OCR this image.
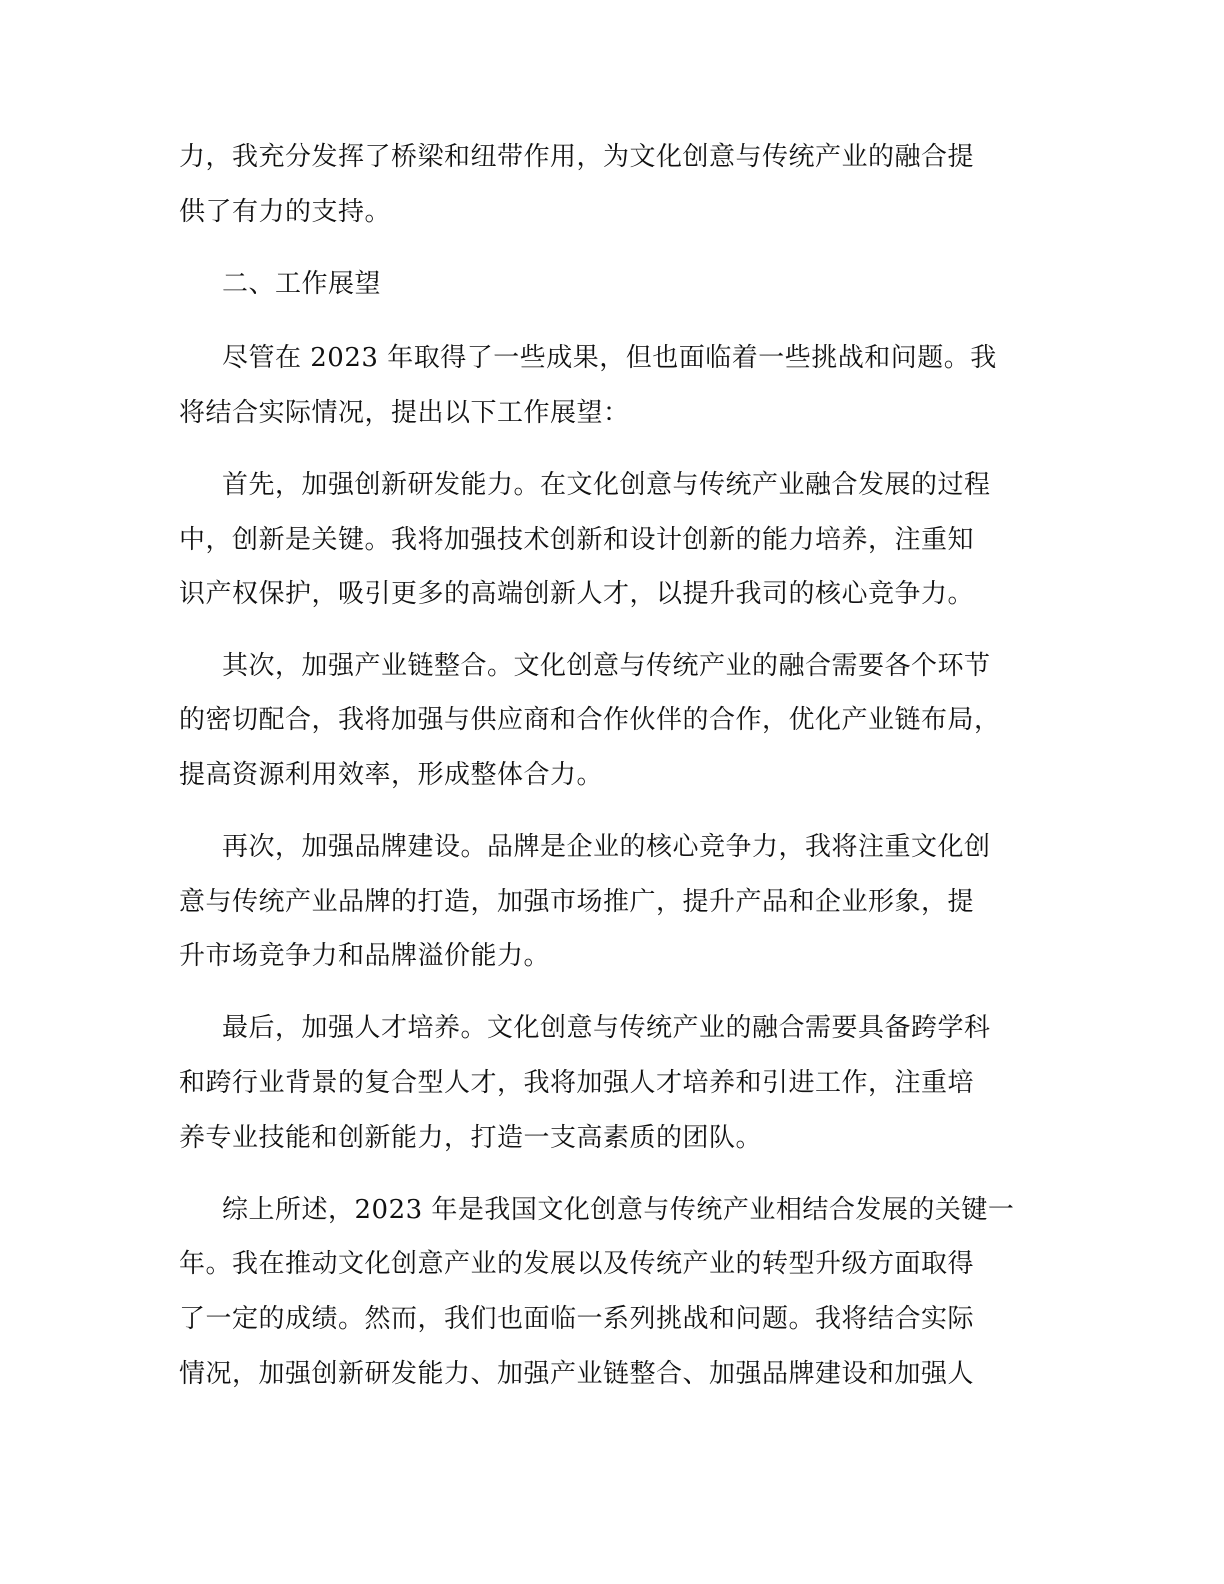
力，我充分发挥了桥梁和纽带作用，为文化创意与传统产业的融合提
供了有力的支持。
二、工作展望
尽管在 2023 年取得了一些成果，但也面临着一些挑战和问题。我
将结合实际情况，提出以下工作展望：
首先，加强创新研发能力。在文化创意与传统产业融合发展的过程
中，创新是关键。我将加强技术创新和设计创新的能力培养，注重知
识产权保护，吸引更多的高端创新人才，以提升我司的核心竞争力。
其次，加强产业链整合。文化创意与传统产业的融合需要各个环节
的密切配合，我将加强与供应商和合作伙伴的合作，优化产业链布局，
提高资源利用效率，形成整体合力。
再次，加强品牌建设。品牌是企业的核心竞争力，我将注重文化创
意与传统产业品牌的打造，加强市场推广，提升产品和企业形象，提
升市场竞争力和品牌溢价能力。
最后，加强人才培养。文化创意与传统产业的融合需要具备跨学科
和跨行业背景的复合型人才，我将加强人才培养和引进工作，注重培
养专业技能和创新能力，打造一支高素质的团队。
综上所述，2023 年是我国文化创意与传统产业相结合发展的关键一
年。我在推动文化创意产业的发展以及传统产业的转型升级方面取得
了一定的成绩。然而，我们也面临一系列挑战和问题。我将结合实际
情况，加强创新研发能力、加强产业链整合、加强品牌建设和加强人
